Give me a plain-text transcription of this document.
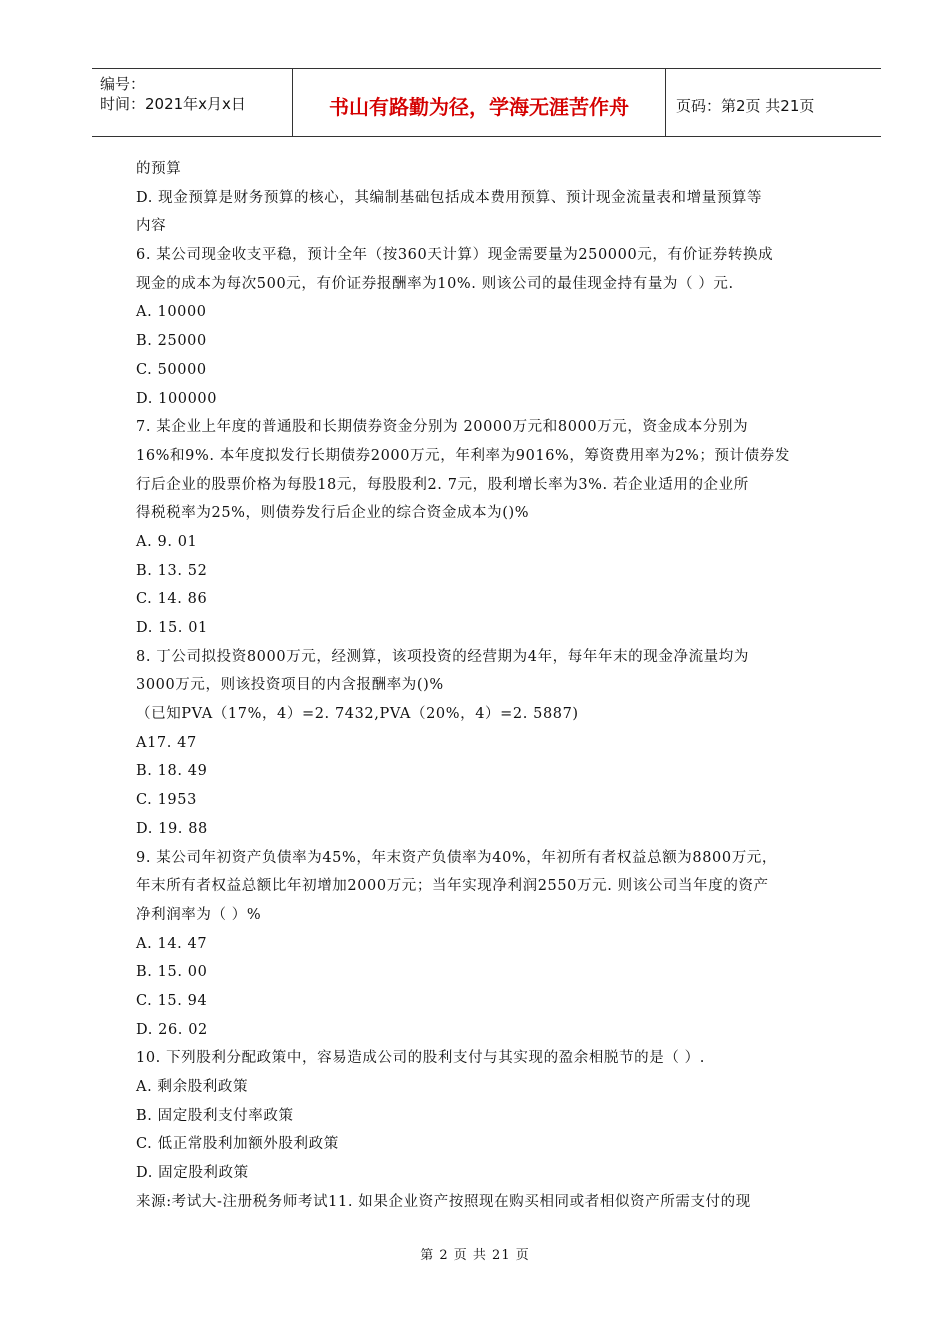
编号：
时间：2021年x月x日	书山有路勤为径，学海无涯苦作舟	页码：第2页 共21页
的预算
D. 现金预算是财务预算的核心，其编制基础包括成本费用预算、预计现金流量表和增量预算等
内容
6. 某公司现金收支平稳，预计全年（按360天计算）现金需要量为250000元，有价证券转换成
现金的成本为每次500元，有价证券报酬率为10%. 则该公司的最佳现金持有量为（ ）元.
A. 10000
B. 25000
C. 50000
D. 100000
7. 某企业上年度的普通股和长期债券资金分别为 20000万元和8000万元，资金成本分别为
16%和9%. 本年度拟发行长期债券2000万元，年利率为9016%，筹资费用率为2%；预计债券发
行后企业的股票价格为每股18元，每股股利2. 7元，股利增长率为3%. 若企业适用的企业所
得税税率为25%，则债券发行后企业的综合资金成本为()%
A. 9. 01
B. 13. 52
C. 14. 86
D. 15. 01
8. 丁公司拟投资8000万元，经测算，该项投资的经营期为4年，每年年末的现金净流量均为
3000万元，则该投资项目的内含报酬率为()%
（已知PVA（17%，4）=2. 7432,PVA（20%，4）=2. 5887)
A17. 47
B. 18. 49
C. 1953
D. 19. 88
9. 某公司年初资产负债率为45%，年末资产负债率为40%，年初所有者权益总额为8800万元，
年末所有者权益总额比年初增加2000万元；当年实现净利润2550万元. 则该公司当年度的资产
净利润率为（ ）%
A. 14. 47
B. 15. 00
C. 15. 94
D. 26. 02
10. 下列股利分配政策中，容易造成公司的股利支付与其实现的盈余相脱节的是（ ）.
A. 剩余股利政策
B. 固定股利支付率政策
C. 低正常股利加额外股利政策
D. 固定股利政策
来源:考试大-注册税务师考试11. 如果企业资产按照现在购买相同或者相似资产所需支付的现
第 2 页 共 21 页
